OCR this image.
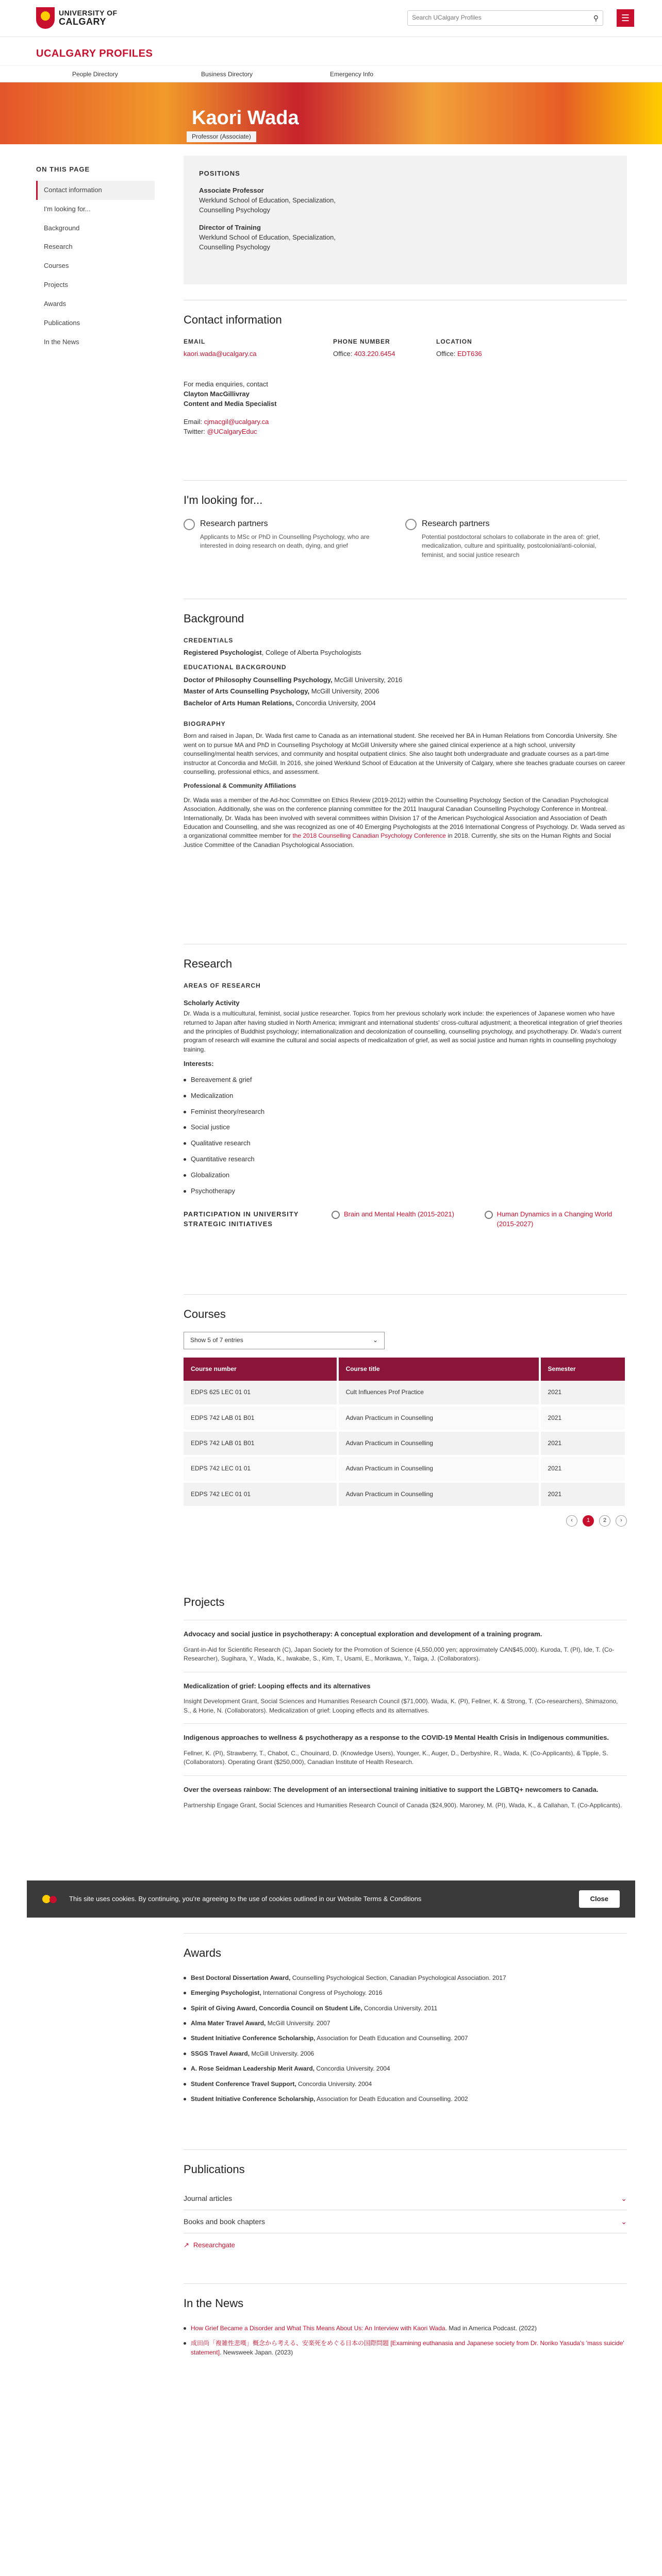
UNIVERSITY OF
CALGARY	Search UCalgary Profiles	⚲	☰
UCALGARY PROFILES
People Directory	Business Directory	Emergency Info
Kaori Wada
Professor (Associate)
ON THIS PAGE
Contact information
I'm looking for...
Background
Research
Courses
Projects
Awards
Publications
In the News
POSITIONS
Associate Professor
Werklund School of Education, Specialization,
Counselling Psychology
Director of Training
Werklund School of Education, Specialization,
Counselling Psychology
Contact information
EMAIL
kaori.wada@ucalgary.ca
PHONE NUMBER
Office: 403.220.6454
LOCATION
Office: EDT636
For media enquiries, contact
Clayton MacGillivray
Content and Media Specialist
Email: cjmacgil@ucalgary.ca
Twitter: @UCalgaryEduc
I'm looking for...
Research partners
Applicants to MSc or PhD in Counselling Psychology, who are interested in doing research on death, dying, and grief
Research partners
Potential postdoctoral scholars to collaborate in the area of: grief, medicalization, culture and spirituality, postcolonial/anti-colonial, feminist, and social justice research
Background
CREDENTIALS

Registered Psychologist, College of Alberta Psychologists

EDUCATIONAL BACKGROUND

Doctor of Philosophy Counselling Psychology, McGill University, 2016

Master of Arts Counselling Psychology, McGill University, 2006

Bachelor of Arts Human Relations, Concordia University, 2004

BIOGRAPHY

Born and raised in Japan, Dr. Wada first came to Canada as an international student. She received her BA in Human Relations from Concordia University. She went on to pursue MA and PhD in Counselling Psychology at McGill University where she gained clinical experience at a high school, university counselling/mental health services, and community and hospital outpatient clinics. She also taught both undergraduate and graduate courses as a part-time instructor at Concordia and McGill. In 2016, she joined Werklund School of Education at the University of Calgary, where she teaches graduate courses on career counselling, professional ethics, and assessment.

Professional & Community Affiliations

Dr. Wada was a member of the Ad-hoc Committee on Ethics Review (2019-2012) within the Counselling Psychology Section of the Canadian Psychological Association. Additionally, she was on the conference planning committee for the 2011 Inaugural Canadian Counselling Psychology Conference in Montreal. Internationally, Dr. Wada has been involved with several committees within Division 17 of the American Psychological Association and Association of Death Education and Counselling, and she was recognized as one of 40 Emerging Psychologists at the 2016 International Congress of Psychology. Dr. Wada served as a organizational committee member for the 2018 Counselling Canadian Psychology Conference in 2018. Currently, she sits on the Human Rights and Social Justice Committee of the Canadian Psychological Association.

Research
AREAS OF RESEARCH

Scholarly Activity

Dr. Wada is a multicultural, feminist, social justice researcher. Topics from her previous scholarly work include: the experiences of Japanese women who have returned to Japan after having studied in North America; immigrant and international students' cross-cultural adjustment; a theoretical integration of grief theories and the principles of Buddhist psychology; internationalization and decolonization of counselling, counselling psychology, and psychotherapy. Dr. Wada's current program of research will examine the cultural and social aspects of medicalization of grief, as well as social justice and human rights in counselling psychology training.

Interests:

Bereavement & grief
Medicalization
Feminist theory/research
Social justice
Qualitative research
Quantitative research
Globalization
Psychotherapy
PARTICIPATION IN UNIVERSITY STRATEGIC INITIATIVES
Brain and Mental Health (2015-2021)	Human Dynamics in a Changing World (2015-2027)
Courses
Show 5 of 7 entries	⌄
Course number	Course title	Semester
EDPS 625 LEC 01 01	Cult Influences Prof Practice	2021
EDPS 742 LAB 01 B01	Advan Practicum in Counselling	2021
EDPS 742 LAB 01 B01	Advan Practicum in Counselling	2021
EDPS 742 LEC 01 01	Advan Practicum in Counselling	2021
EDPS 742 LEC 01 01	Advan Practicum in Counselling	2021
‹	1	2	›
Projects
Advocacy and social justice in psychotherapy: A conceptual exploration and development of a training program.

Grant-in-Aid for Scientific Research (C), Japan Society for the Promotion of Science (4,550,000 yen; approximately CAN$45,000). Kuroda, T. (PI), Ide, T. (Co-Researcher), Sugihara, Y., Wada, K., Iwakabe, S., Kim, T., Usami, E., Morikawa, Y., Taiga, J. (Collaborators).

Medicalization of grief: Looping effects and its alternatives

Insight Development Grant, Social Sciences and Humanities Research Council ($71,000). Wada, K. (PI), Fellner, K. & Strong, T. (Co-researchers), Shimazono, S., & Horie, N. (Collaborators). Medicalization of grief: Looping effects and its alternatives.

Indigenous approaches to wellness & psychotherapy as a response to the COVID-19 Mental Health Crisis in Indigenous communities.

Fellner, K. (PI), Strawberry, T., Chabot, C., Chouinard, D. (Knowledge Users), Younger, K., Auger, D., Derbyshire, R., Wada, K. (Co-Applicants), & Tipple, S. (Collaborators). Operating Grant ($250,000), Canadian Institute of Health Research.

Over the overseas rainbow: The development of an intersectional training initiative to support the LGBTQ+ newcomers to Canada.

Partnership Engage Grant, Social Sciences and Humanities Research Council of Canada ($24,900). Maroney, M. (PI), Wada, K., & Callahan, T. (Co-Applicants).

Awards
Best Doctoral Dissertation Award, Counselling Psychological Section, Canadian Psychological Association. 2017
Emerging Psychologist, International Congress of Psychology. 2016
Spirit of Giving Award, Concordia Council on Student Life, Concordia University. 2011
Alma Mater Travel Award, McGill University. 2007
Student Initiative Conference Scholarship, Association for Death Education and Counselling. 2007
SSGS Travel Award, McGill University. 2006
A. Rose Seidman Leadership Merit Award, Concordia University. 2004
Student Conference Travel Support, Concordia University. 2004
Student Initiative Conference Scholarship, Association for Death Education and Counselling. 2002
Publications
Journal articles	⌄
Books and book chapters	⌄
↗ Researchgate
In the News
How Grief Became a Disorder and What This Means About Us: An Interview with Kaori Wada. Mad in America Podcast. (2022)
成田尚「複雑性悲嘆」概念から考える、安楽死をめぐる日本の国際問題 [Examining euthanasia and Japanese society from Dr. Noriko Yasuda's 'mass suicide' statement]. Newsweek Japan. (2023)
This site uses cookies. By continuing, you're agreeing to the use of cookies outlined in our Website Terms & Conditions	Close
